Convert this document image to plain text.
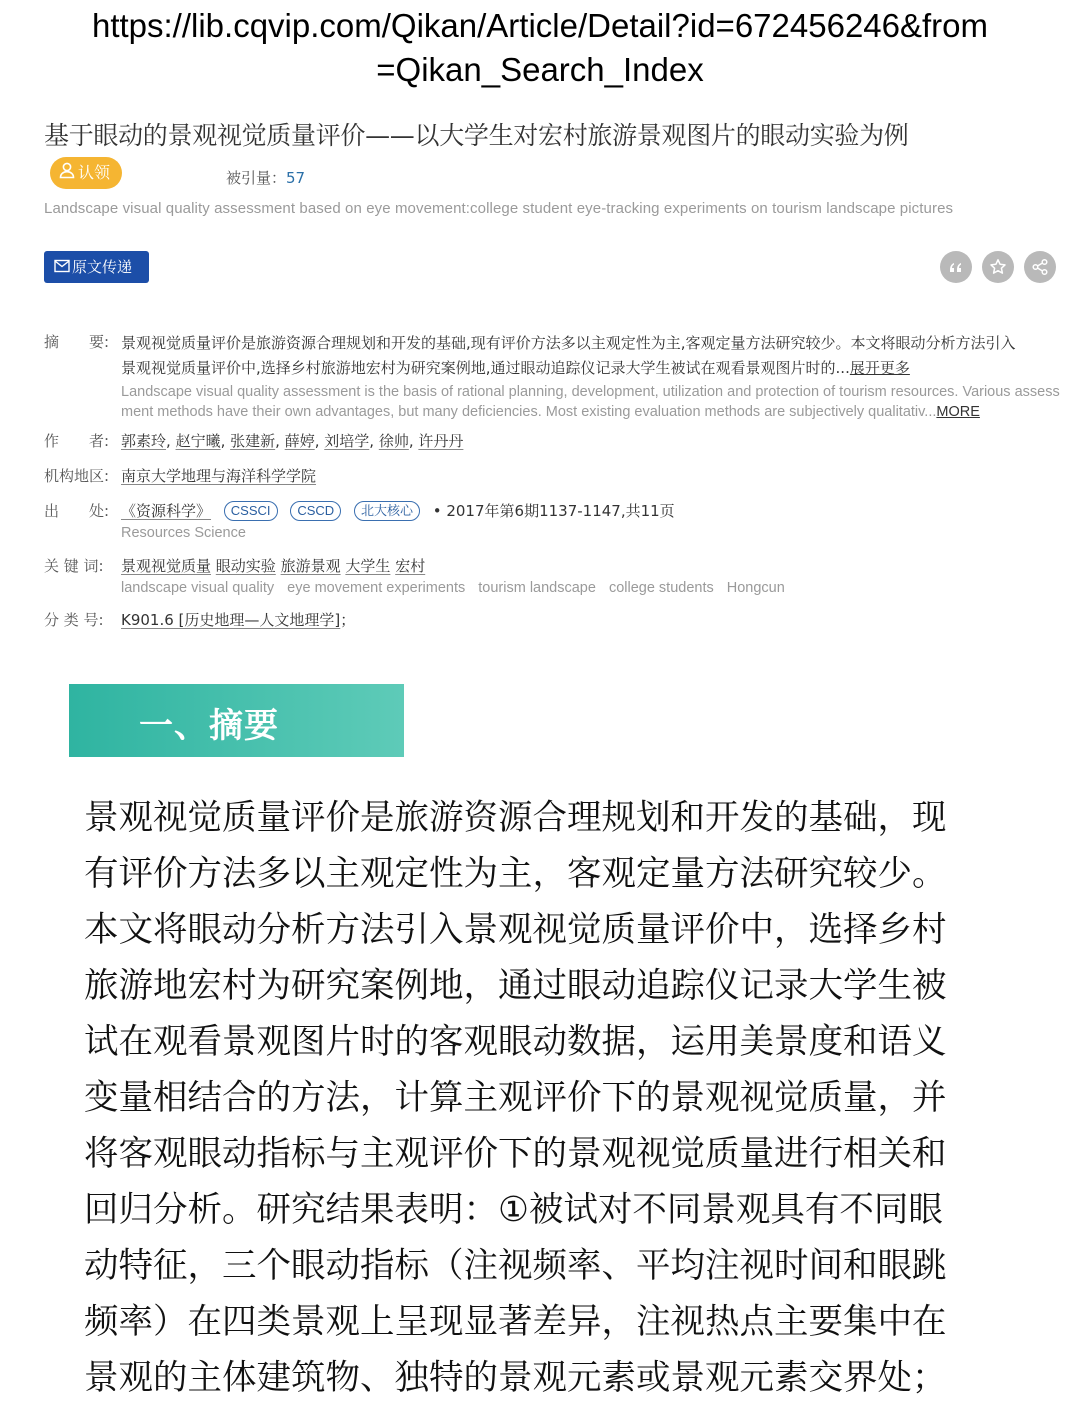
https://lib.cqvip.com/Qikan/Article/Detail?id=672456246&from
=Qikan_Search_Index
基于眼动的景观视觉质量评价——以大学生对宏村旅游景观图片的眼动实验为例
认领	被引量：57
Landscape visual quality assessment based on eye movement:college student eye-tracking experiments on tourism landscape pictures
原文传递
摘　　要: 景观视觉质量评价是旅游资源合理规划和开发的基础,现有评价方法多以主观定性为主,客观定量方法研究较少。本文将眼动分析方法引入
景观视觉质量评价中,选择乡村旅游地宏村为研究案例地,通过眼动追踪仪记录大学生被试在观看景观图片时的...展开更多
Landscape visual quality assessment is the basis of rational planning, development, utilization and protection of tourism resources. Various assess
ment methods have their own advantages, but many deficiencies. Most existing evaluation methods are subjectively qualitativ...MORE
作　　者: 郭素玲, 赵宁曦, 张建新, 薛婷, 刘培学, 徐帅, 许丹丹
机构地区: 南京大学地理与海洋科学学院
出　　处: 《资源科学》 CSSCI CSCD 北大核心 • 2017年第6期1137-1147,共11页
Resources Science
关 键 词:	景观视觉质量 眼动实验 旅游景观 大学生 宏村
landscape visual quality eye movement experiments tourism landscape college students Hongcun
分 类 号:	K901.6 [历史地理—人文地理学]；
一、摘要
景观视觉质量评价是旅游资源合理规划和开发的基础，现
有评价方法多以主观定性为主，客观定量方法研究较少。
本文将眼动分析方法引入景观视觉质量评价中，选择乡村
旅游地宏村为研究案例地，通过眼动追踪仪记录大学生被
试在观看景观图片时的客观眼动数据，运用美景度和语义
变量相结合的方法，计算主观评价下的景观视觉质量，并
将客观眼动指标与主观评价下的景观视觉质量进行相关和
回归分析。研究结果表明：①被试对不同景观具有不同眼
动特征，三个眼动指标（注视频率、平均注视时间和眼跳
频率）在四类景观上呈现显著差异，注视热点主要集中在
景观的主体建筑物、独特的景观元素或景观元素交界处；
